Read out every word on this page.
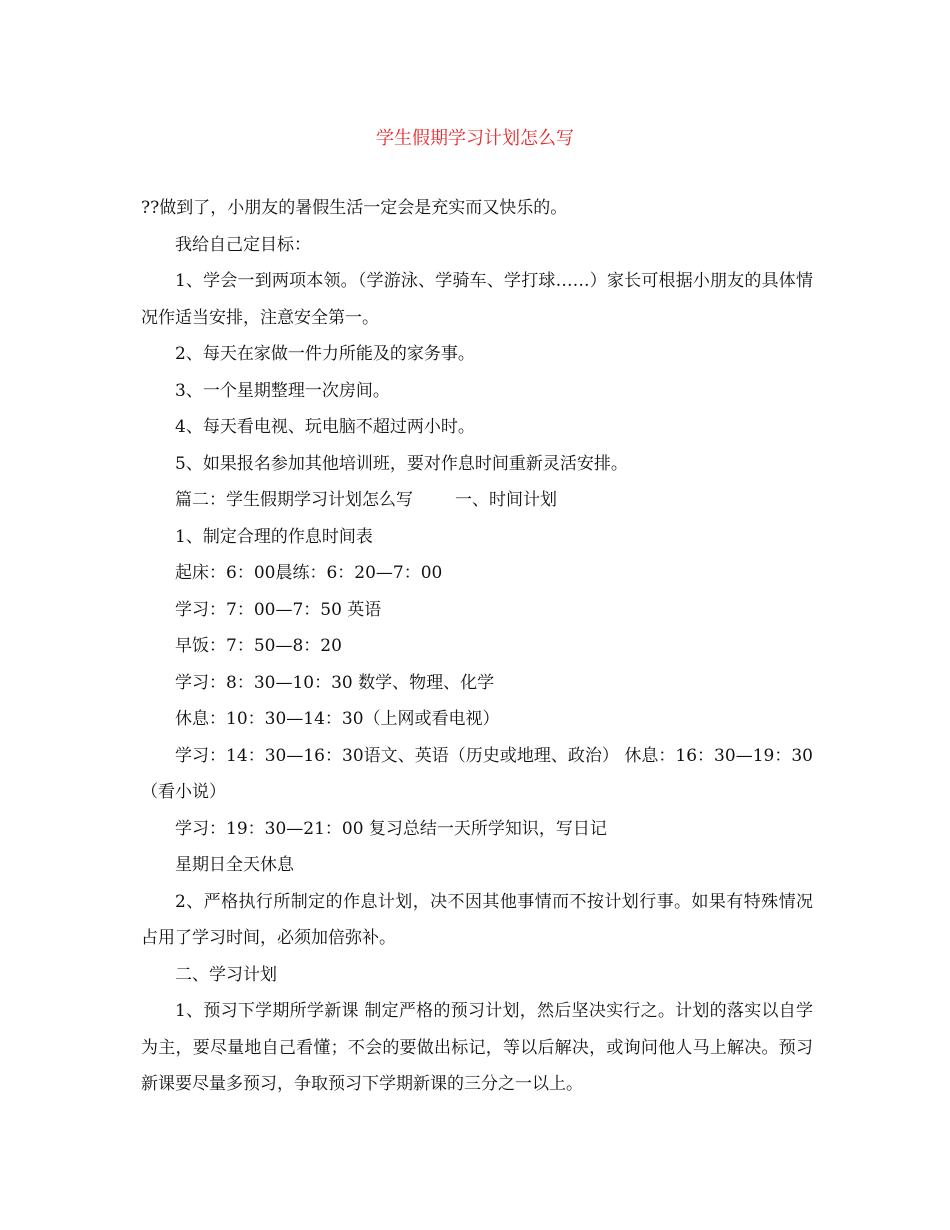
学生假期学习计划怎么写

??做到了，小朋友的暑假生活一定会是充实而又快乐的。

我给自己定目标：

1、学会一到两项本领。（学游泳、学骑车、学打球……）家长可根据小朋友的具体情况作适当安排，注意安全第一。

2、每天在家做一件力所能及的家务事。

3、一个星期整理一次房间。

4、每天看电视、玩电脑不超过两小时。

5、如果报名参加其他培训班，要对作息时间重新灵活安排。

篇二：学生假期学习计划怎么写 一、时间计划

1、制定合理的作息时间表

起床：6：00晨练：6：20—7：00

学习：7：00—7：50 英语

早饭：7：50—8：20

学习：8：30—10：30 数学、物理、化学

休息：10：30—14：30（上网或看电视）

学习：14：30—16：30语文、英语（历史或地理、政治） 休息：16：30—19：30（看小说）

学习：19：30—21：00 复习总结一天所学知识，写日记

星期日全天休息

2、严格执行所制定的作息计划，决不因其他事情而不按计划行事。如果有特殊情况占用了学习时间，必须加倍弥补。

二、学习计划

1、预习下学期所学新课 制定严格的预习计划，然后坚决实行之。计划的落实以自学为主，要尽量地自己看懂；不会的要做出标记，等以后解决，或询问他人马上解决。预习新课要尽量多预习，争取预习下学期新课的三分之一以上。
